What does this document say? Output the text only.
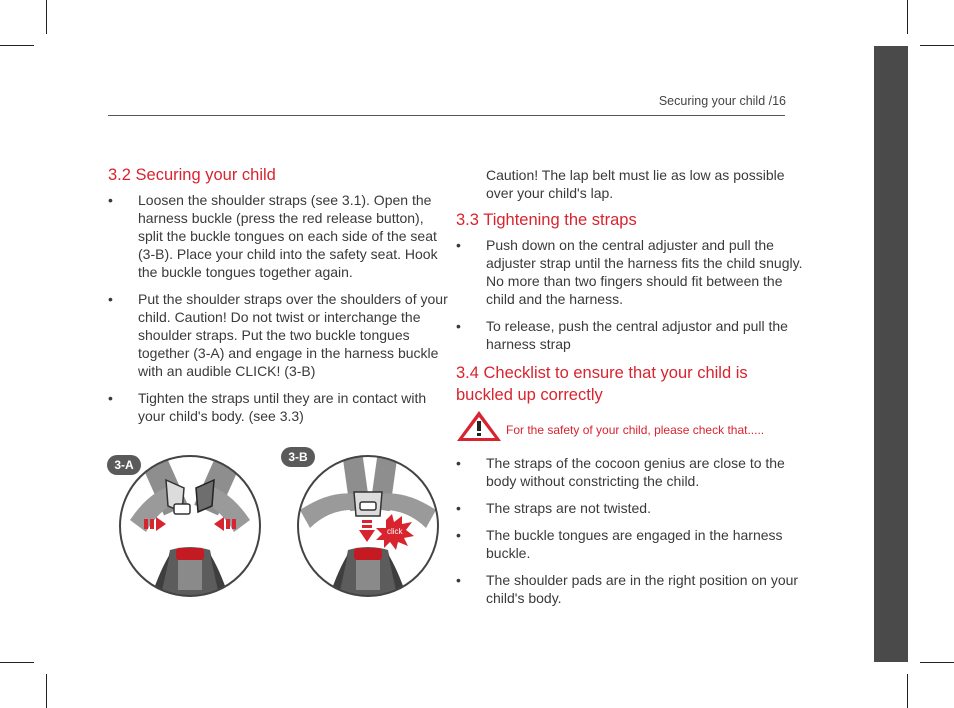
Securing your child /16
3.2 Securing your child
• Loosen the shoulder straps (see 3.1). Open the harness buckle (press the red release button), split the buckle tongues on each side of the seat (3-B). Place your child into the safety seat. Hook the buckle tongues together again.
• Put the shoulder straps over the shoulders of your child. Caution! Do not twist or interchange the shoulder straps. Put the two buckle tongues together (3-A) and engage in the harness buckle with an audible CLICK! (3-B)
• Tighten the straps until they are in contact with your child's body. (see 3.3)
3-A
3-B
click

Caution! The lap belt must lie as low as possible over your child's lap.

3.3 Tightening the straps
• Push down on the central adjuster and pull the adjuster strap until the harness fits the child snugly. No more than two fingers should fit between the child and the harness.
• To release, push the central adjustor and pull the harness strap
3.4 Checklist to ensure that your child is buckled up correctly
For the safety of your child, please check that.....
• The straps of the cocoon genius are close to the body without constricting the child.
• The straps are not twisted.
• The buckle tongues are engaged in the harness buckle.
• The shoulder pads are in the right position on your child's body.
